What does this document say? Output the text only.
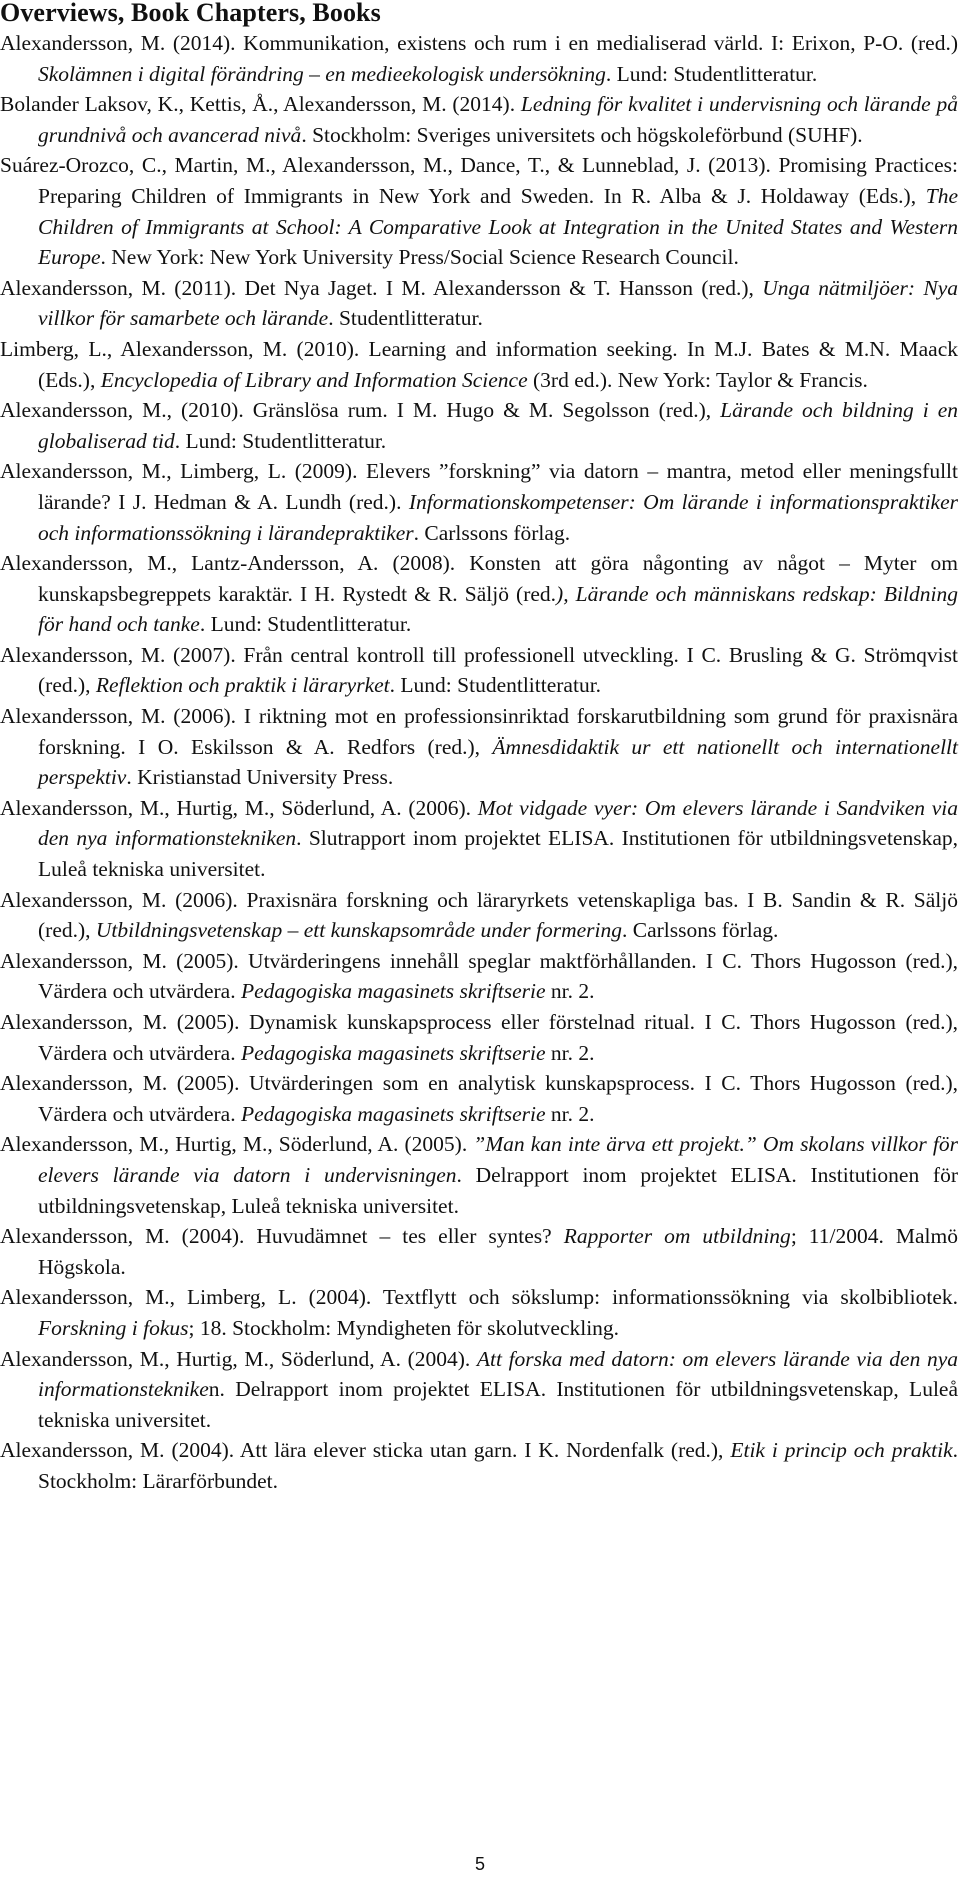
Overviews, Book Chapters, Books

Alexandersson, M. (2014). Kommunikation, existens och rum i en medialiserad värld. I: Erixon, P-O. (red.) Skolämnen i digital förändring – en medieekologisk undersökning. Lund: Studentlitteratur.

Bolander Laksov, K., Kettis, Å., Alexandersson, M. (2014). Ledning för kvalitet i undervisning och lärande på grundnivå och avancerad nivå. Stockholm: Sveriges universitets och högskoleförbund (SUHF).

Suárez-Orozco, C., Martin, M., Alexandersson, M., Dance, T., & Lunneblad, J. (2013). Promising Practices: Preparing Children of Immigrants in New York and Sweden. In R. Alba & J. Holdaway (Eds.), The Children of Immigrants at School: A Comparative Look at Integration in the United States and Western Europe. New York: New York University Press/Social Science Research Council.

Alexandersson, M. (2011). Det Nya Jaget. I M. Alexandersson & T. Hansson (red.), Unga nätmiljöer: Nya villkor för samarbete och lärande. Studentlitteratur.

Limberg, L., Alexandersson, M. (2010). Learning and information seeking. In M.J. Bates & M.N. Maack (Eds.), Encyclopedia of Library and Information Science (3rd ed.). New York: Taylor & Francis.

Alexandersson, M., (2010). Gränslösa rum. I M. Hugo & M. Segolsson (red.), Lärande och bildning i en globaliserad tid. Lund: Studentlitteratur.

Alexandersson, M., Limberg, L. (2009). Elevers ”forskning” via datorn – mantra, metod eller meningsfullt lärande? I J. Hedman & A. Lundh (red.). Informationskompetenser: Om lärande i informationspraktiker och informationssökning i lärandepraktiker. Carlssons förlag.

Alexandersson, M., Lantz-Andersson, A. (2008). Konsten att göra någonting av något – Myter om kunskapsbegreppets karaktär. I H. Rystedt & R. Säljö (red.), Lärande och människans redskap: Bildning för hand och tanke. Lund: Studentlitteratur.

Alexandersson, M. (2007). Från central kontroll till professionell utveckling. I C. Brusling & G. Strömqvist (red.), Reflektion och praktik i läraryrket. Lund: Studentlitteratur.

Alexandersson, M. (2006). I riktning mot en professionsinriktad forskarutbildning som grund för praxisnära forskning. I O. Eskilsson & A. Redfors (red.), Ämnesdidaktik ur ett nationellt och internationellt perspektiv. Kristianstad University Press.

Alexandersson, M., Hurtig, M., Söderlund, A. (2006). Mot vidgade vyer: Om elevers lärande i Sandviken via den nya informationstekniken. Slutrapport inom projektet ELISA. Institutionen för utbildningsvetenskap, Luleå tekniska universitet.

Alexandersson, M. (2006). Praxisnära forskning och läraryrkets vetenskapliga bas. I B. Sandin & R. Säljö (red.), Utbildningsvetenskap – ett kunskapsområde under formering. Carlssons förlag.

Alexandersson, M. (2005). Utvärderingens innehåll speglar maktförhållanden. I C. Thors Hugosson (red.), Värdera och utvärdera. Pedagogiska magasinets skriftserie nr. 2.

Alexandersson, M. (2005). Dynamisk kunskapsprocess eller förstelnad ritual. I C. Thors Hugosson (red.), Värdera och utvärdera. Pedagogiska magasinets skriftserie nr. 2.

Alexandersson, M. (2005). Utvärderingen som en analytisk kunskapsprocess. I C. Thors Hugosson (red.), Värdera och utvärdera. Pedagogiska magasinets skriftserie nr. 2.

Alexandersson, M., Hurtig, M., Söderlund, A. (2005). ”Man kan inte ärva ett projekt.” Om skolans villkor för elevers lärande via datorn i undervisningen. Delrapport inom projektet ELISA. Institutionen för utbildningsvetenskap, Luleå tekniska universitet.

Alexandersson, M. (2004). Huvudämnet – tes eller syntes? Rapporter om utbildning; 11/2004. Malmö Högskola.

Alexandersson, M., Limberg, L. (2004). Textflytt och sökslump: informationssökning via skolbibliotek. Forskning i fokus; 18. Stockholm: Myndigheten för skolutveckling.

Alexandersson, M., Hurtig, M., Söderlund, A. (2004). Att forska med datorn: om elevers lärande via den nya informationstekniken. Delrapport inom projektet ELISA. Institutionen för utbildningsvetenskap, Luleå tekniska universitet.

Alexandersson, M. (2004). Att lära elever sticka utan garn. I K. Nordenfalk (red.), Etik i princip och praktik. Stockholm: Lärarförbundet.

5
